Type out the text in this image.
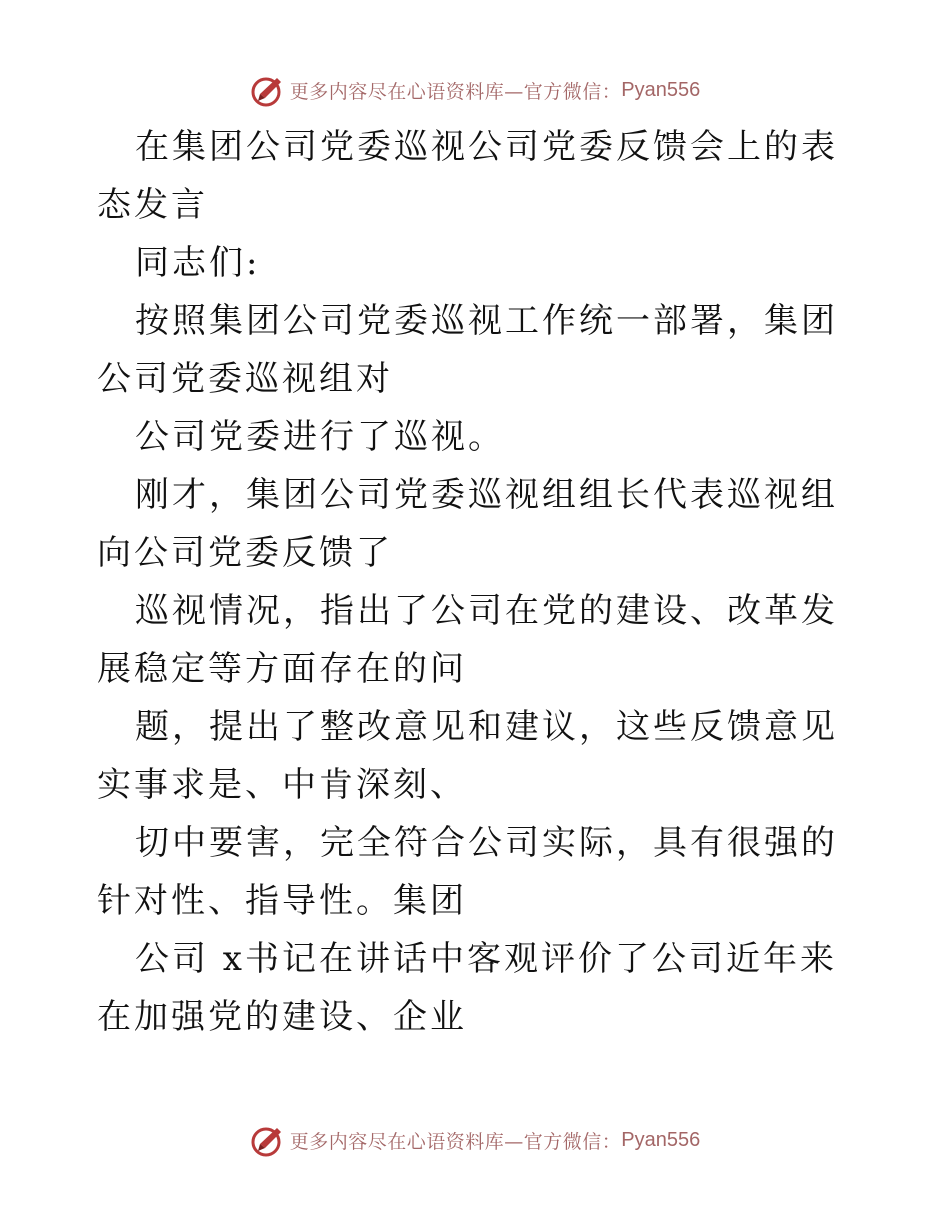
更多内容尽在心语资料库—官方微信： Pyan556

在集团公司党委巡视公司党委反馈会上的表态发言

同志们:

按照集团公司党委巡视工作统一部署，集团公司党委巡视组对

公司党委进行了巡视。

刚才，集团公司党委巡视组组长代表巡视组向公司党委反馈了

巡视情况，指出了公司在党的建设、改革发展稳定等方面存在的问

题，提出了整改意见和建议，这些反馈意见实事求是、中肯深刻、

切中要害，完全符合公司实际，具有很强的针对性、指导性。集团

公司 x书记在讲话中客观评价了公司近年来在加强党的建设、企业

更多内容尽在心语资料库—官方微信： Pyan556
